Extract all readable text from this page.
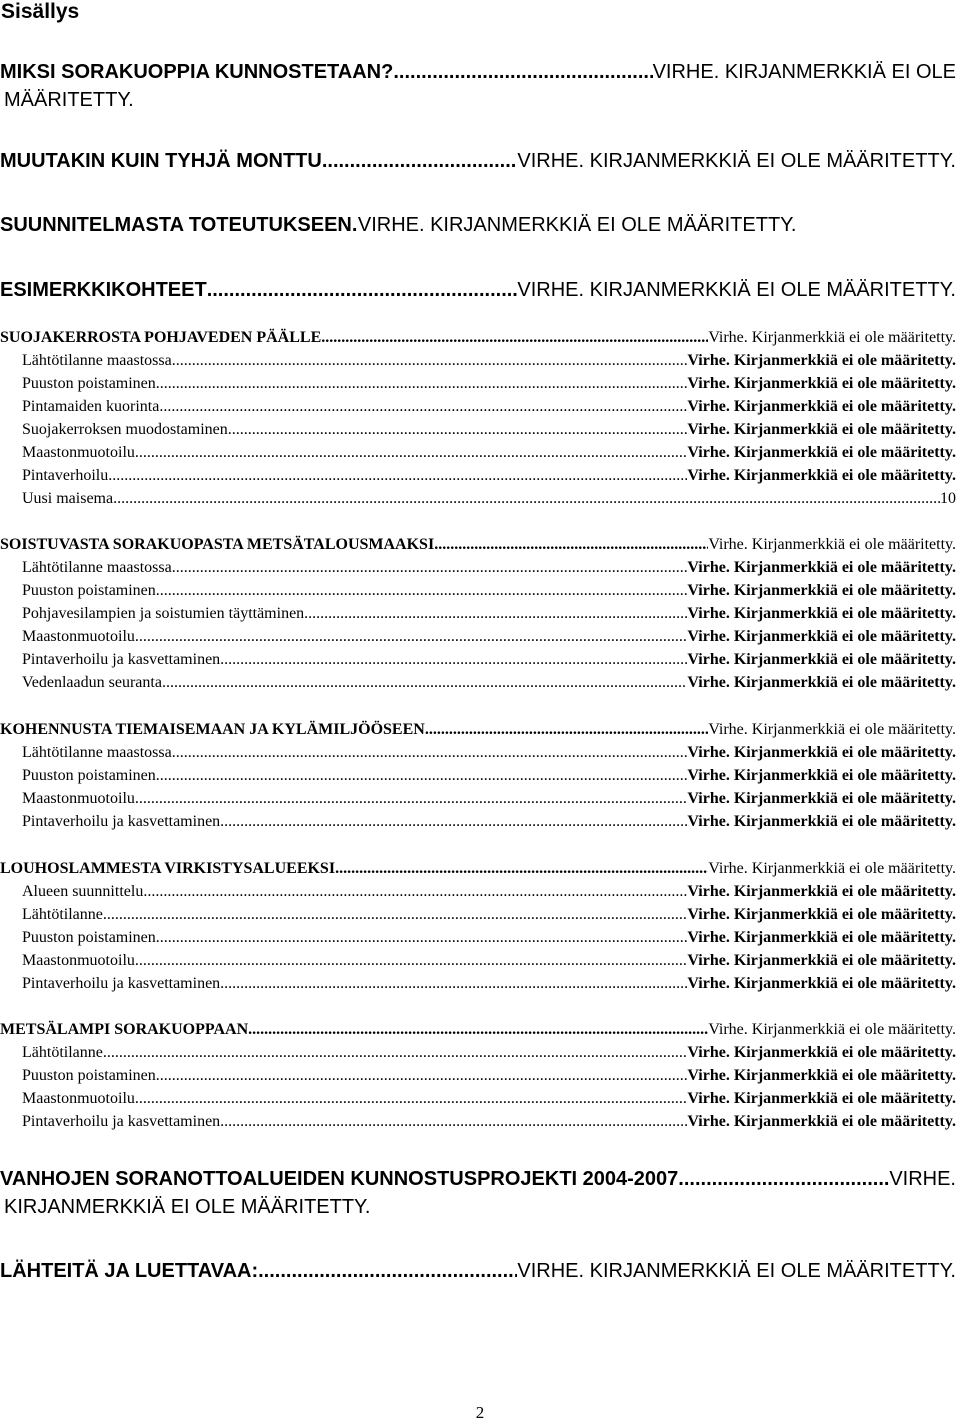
Sisällys
MIKSI SORAKUOPPIA KUNNOSTETAAN? .....	VIRHE. KIRJANMERKKIÄ EI OLE
MÄÄRITETTY.
MUUTAKIN KUIN TYHJÄ MONTTU .....	VIRHE. KIRJANMERKKIÄ EI OLE MÄÄRITETTY.
SUUNNITELMASTA TOTEUTUKSEEN ..... VIRHE. KIRJANMERKKIÄ EI OLE MÄÄRITETTY.
ESIMERKKIKOHTEET .....	VIRHE. KIRJANMERKKIÄ EI OLE MÄÄRITETTY.
SUOJAKERROSTA POHJAVEDEN PÄÄLLE .....	Virhe. Kirjanmerkkiä ei ole määritetty.
Lähtötilanne maastossa .....	Virhe. Kirjanmerkkiä ei ole määritetty.
Puuston poistaminen .....	Virhe. Kirjanmerkkiä ei ole määritetty.
Pintamaiden kuorinta .....	Virhe. Kirjanmerkkiä ei ole määritetty.
Suojakerroksen muodostaminen .....	Virhe. Kirjanmerkkiä ei ole määritetty.
Maastonmuotoilu .....	Virhe. Kirjanmerkkiä ei ole määritetty.
Pintaverhoilu .....	Virhe. Kirjanmerkkiä ei ole määritetty.
Uusi maisema .....	10
SOISTUVASTA SORAKUOPASTA METSÄTALOUSMAAKSI .....	Virhe. Kirjanmerkkiä ei ole määritetty.
Lähtötilanne maastossa .....	Virhe. Kirjanmerkkiä ei ole määritetty.
Puuston poistaminen .....	Virhe. Kirjanmerkkiä ei ole määritetty.
Pohjavesilampien ja soistumien täyttäminen .....	Virhe. Kirjanmerkkiä ei ole määritetty.
Maastonmuotoilu .....	Virhe. Kirjanmerkkiä ei ole määritetty.
Pintaverhoilu ja kasvettaminen .....	Virhe. Kirjanmerkkiä ei ole määritetty.
Vedenlaadun seuranta .....	Virhe. Kirjanmerkkiä ei ole määritetty.
KOHENNUSTA TIEMAISEMAAN JA KYLÄMILJÖÖSEEN .....	Virhe. Kirjanmerkkiä ei ole määritetty.
Lähtötilanne maastossa .....	Virhe. Kirjanmerkkiä ei ole määritetty.
Puuston poistaminen .....	Virhe. Kirjanmerkkiä ei ole määritetty.
Maastonmuotoilu .....	Virhe. Kirjanmerkkiä ei ole määritetty.
Pintaverhoilu ja kasvettaminen .....	Virhe. Kirjanmerkkiä ei ole määritetty.
LOUHOSLAMMESTA VIRKISTYSALUEEKSI .....	Virhe. Kirjanmerkkiä ei ole määritetty.
Alueen suunnittelu .....	Virhe. Kirjanmerkkiä ei ole määritetty.
Lähtötilanne .....	Virhe. Kirjanmerkkiä ei ole määritetty.
Puuston poistaminen .....	Virhe. Kirjanmerkkiä ei ole määritetty.
Maastonmuotoilu .....	Virhe. Kirjanmerkkiä ei ole määritetty.
Pintaverhoilu ja kasvettaminen .....	Virhe. Kirjanmerkkiä ei ole määritetty.
METSÄLAMPI SORAKUOPPAAN .....	Virhe. Kirjanmerkkiä ei ole määritetty.
Lähtötilanne .....	Virhe. Kirjanmerkkiä ei ole määritetty.
Puuston poistaminen .....	Virhe. Kirjanmerkkiä ei ole määritetty.
Maastonmuotoilu .....	Virhe. Kirjanmerkkiä ei ole määritetty.
Pintaverhoilu ja kasvettaminen .....	Virhe. Kirjanmerkkiä ei ole määritetty.
VANHOJEN SORANOTTOALUEIDEN KUNNOSTUSPROJEKTI 2004-2007 .....	VIRHE.
KIRJANMERKKIÄ EI OLE MÄÄRITETTY.
LÄHTEITÄ JA LUETTAVAA: .....	VIRHE. KIRJANMERKKIÄ EI OLE MÄÄRITETTY.
2
